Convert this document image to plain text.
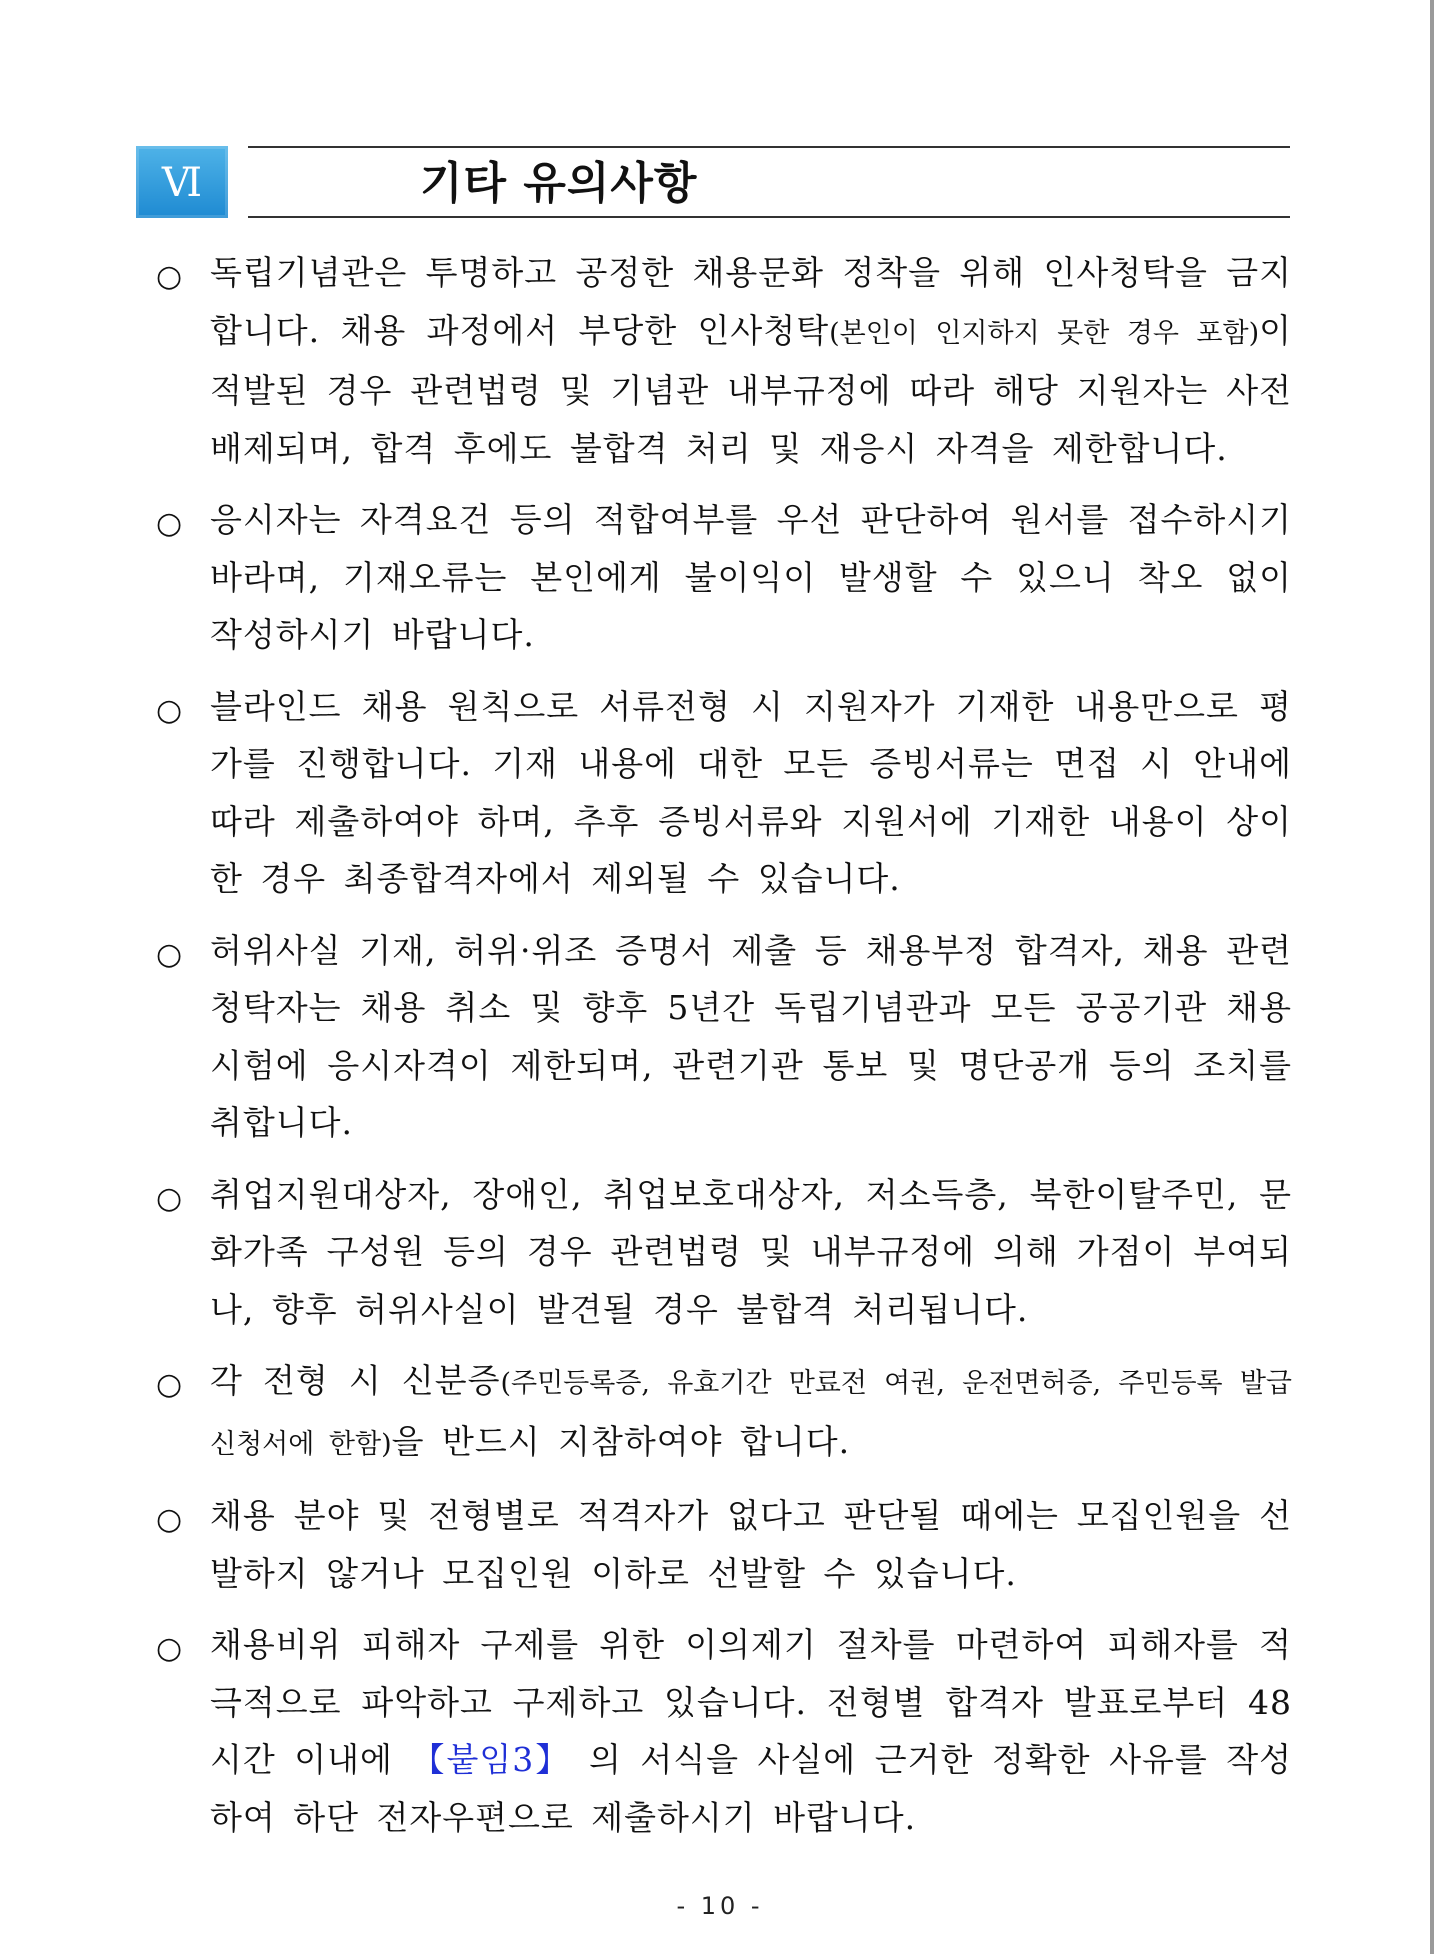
Ⅵ	기타 유의사항
○ 독립기념관은 투명하고 공정한 채용문화 정착을 위해 인사청탁을 금지합니다. 채용 과정에서 부당한 인사청탁(본인이 인지하지 못한 경우 포함)이 적발된 경우 관련법령 및 기념관 내부규정에 따라 해당 지원자는 사전 배제되며, 합격 후에도 불합격 처리 및 재응시 자격을 제한합니다.
○ 응시자는 자격요건 등의 적합여부를 우선 판단하여 원서를 접수하시기 바라며, 기재오류는 본인에게 불이익이 발생할 수 있으니 착오 없이 작성하시기 바랍니다.
○ 블라인드 채용 원칙으로 서류전형 시 지원자가 기재한 내용만으로 평가를 진행합니다. 기재 내용에 대한 모든 증빙서류는 면접 시 안내에 따라 제출하여야 하며, 추후 증빙서류와 지원서에 기재한 내용이 상이한 경우 최종합격자에서 제외될 수 있습니다.
○ 허위사실 기재, 허위·위조 증명서 제출 등 채용부정 합격자, 채용 관련 청탁자는 채용 취소 및 향후 5년간 독립기념관과 모든 공공기관 채용시험에 응시자격이 제한되며, 관련기관 통보 및 명단공개 등의 조치를 취합니다.
○ 취업지원대상자, 장애인, 취업보호대상자, 저소득층, 북한이탈주민, 문화가족 구성원 등의 경우 관련법령 및 내부규정에 의해 가점이 부여되나, 향후 허위사실이 발견될 경우 불합격 처리됩니다.
○ 각 전형 시 신분증(주민등록증, 유효기간 만료전 여권, 운전면허증, 주민등록 발급신청서에 한함)을 반드시 지참하여야 합니다.
○ 채용 분야 및 전형별로 적격자가 없다고 판단될 때에는 모집인원을 선발하지 않거나 모집인원 이하로 선발할 수 있습니다.
○ 채용비위 피해자 구제를 위한 이의제기 절차를 마련하여 피해자를 적극적으로 파악하고 구제하고 있습니다. 전형별 합격자 발표로부터 48시간 이내에 【붙임3】 의 서식을 사실에 근거한 정확한 사유를 작성하여 하단 전자우편으로 제출하시기 바랍니다.
- 10 -
